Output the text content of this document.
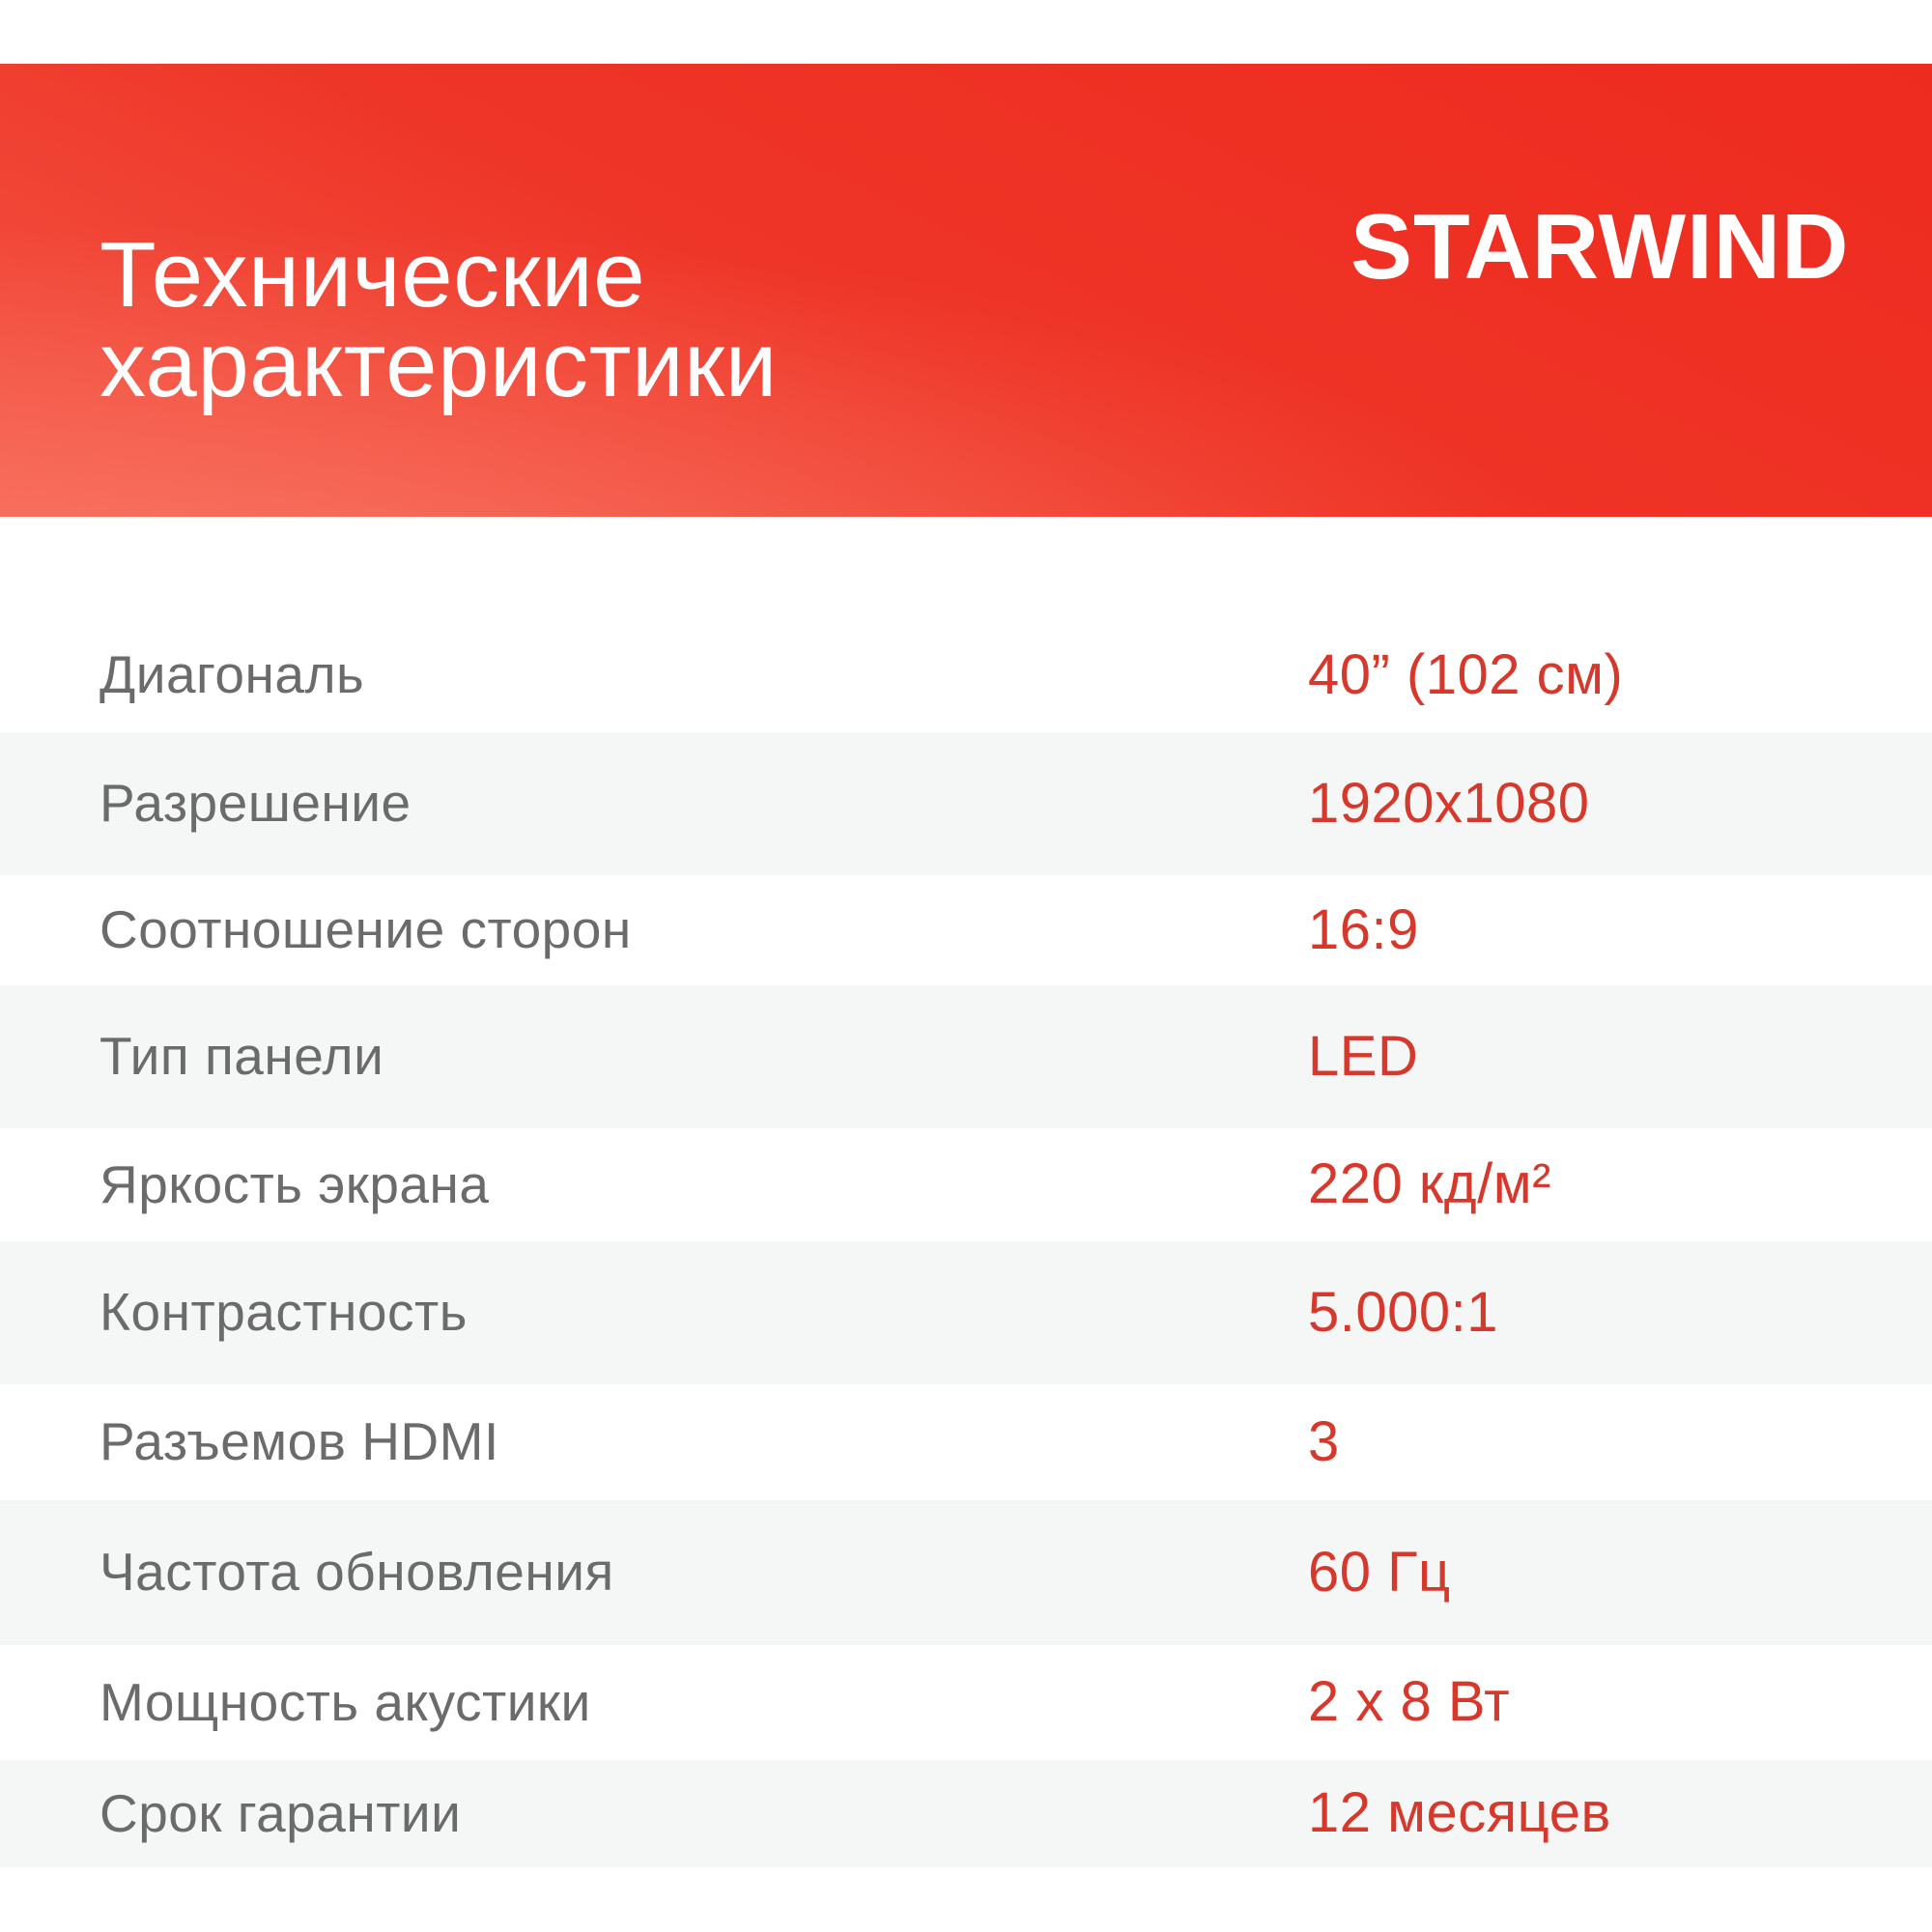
Технические
характеристики
STARWIND
Диагональ	40” (102 см)
Разрешение	1920x1080
Соотношение сторон	16:9
Тип панели	LED
Яркость экрана	220 кд/м²
Контрастность	5.000:1
Разъемов HDMI	3
Частота обновления	60 Гц
Мощность акустики	2 x 8 Вт
Срок гарантии	12 месяцев
